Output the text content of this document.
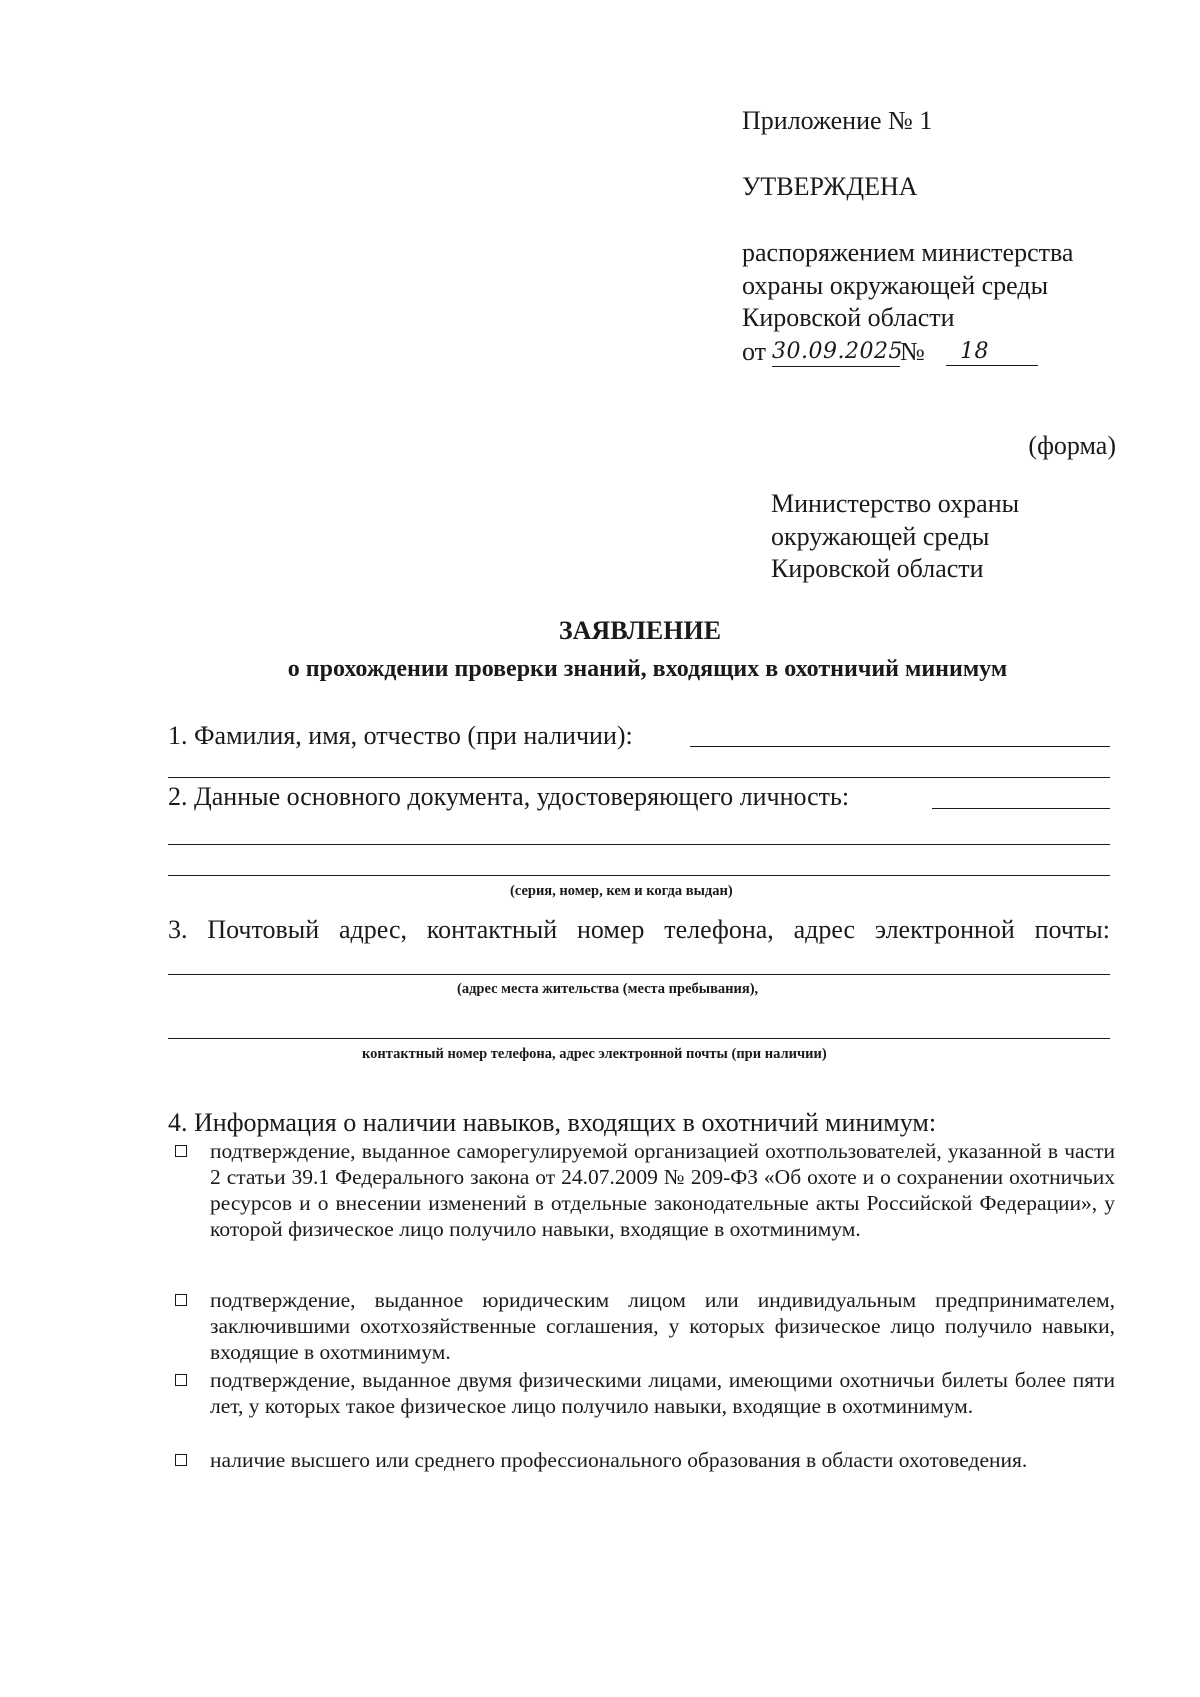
Приложение № 1
УТВЕРЖДЕНА
распоряжением министерства
охраны окружающей среды
Кировской области
от 30.09.2025
№	18
(форма)
Министерство охраны
окружающей среды
Кировской области
ЗАЯВЛЕНИЕ
о прохождении проверки знаний, входящих в охотничий минимум
1. Фамилия, имя, отчество (при наличии):
2. Данные основного документа, удостоверяющего личность:
(серия, номер, кем и когда выдан)
3. Почтовый адрес, контактный номер телефона, адрес электронной почты:
(адрес места жительства (места пребывания),
контактный номер телефона, адрес электронной почты (при наличии)
4. Информация о наличии навыков, входящих в охотничий минимум:
подтверждение, выданное саморегулируемой организацией охотпользователей, указанной в части 2 статьи 39.1 Федерального закона от 24.07.2009 № 209-ФЗ «Об охоте и о сохранении охотничьих ресурсов и о внесении изменений в отдельные законодательные акты Российской Федерации», у которой физическое лицо получило навыки, входящие в охотминимум.
подтверждение, выданное юридическим лицом или индивидуальным предпринимателем, заключившими охотхозяйственные соглашения, у которых физическое лицо получило навыки, входящие в охотминимум.
подтверждение, выданное двумя физическими лицами, имеющими охотничьи билеты более пяти лет, у которых такое физическое лицо получило навыки, входящие в охотминимум.
наличие высшего или среднего профессионального образования в области охотоведения.
